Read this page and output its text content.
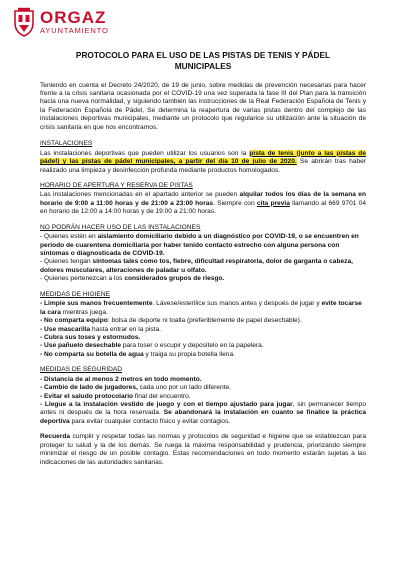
ORGAZ
AYUNTAMIENTO
PROTOCOLO PARA EL USO DE LAS PISTAS DE TENIS Y PÁDEL
MUNICIPALES

Teniendo en cuenta el Decreto 24/2020, de 19 de junio, sobre medidas de prevención necesarias para hacer frente a la crisis sanitaria ocasionada por el COVID-19 una vez superada la fase III del Plan para la transición hacia una nueva normalidad, y siguiendo también las instrucciones de la Real Federación Española de Tenis y la Federación Española de Pádel, Se determina la reapertura de varias pistas dentro del complejo de las instalaciones deportivas municipales, mediante un protocolo que regularice su utilización ante la situación de crisis sanitaria en que nos encontramos.

INSTALACIONES

Las instalaciones deportivas que pueden utilizar los usuarios son la pista de tenis (junto a las pistas de pádel) y las pistas de pádel municipales, a partir del día 10 de julio de 2020. Se abrirán tras haber realizado una limpieza y desinfección profunda mediante productos homologados.

HORARIO DE APERTURA Y RESERVA DE PISTAS

Las instalaciones mencionadas en el apartado anterior se pueden alquilar todos los días de la semana en horario de 9:00 a 11:00 horas y de 21:00 a 23:00 horas. Siempre con cita previa llamando al 669 9701 04 en horario de 12:00 a 14:00 horas y de 19:00 a 21:00 horas.

NO PODRÁN HACER USO DE LAS INSTALACIONES

- Quienes estén en aislamiento domiciliario debido a un diagnóstico por COVID-19, o se encuentren en periodo de cuarentena domiciliaria por haber tenido contacto estrecho con alguna persona con síntomas o diagnosticada de COVID-19.

- Quienes tengan síntomas tales como tos, fiebre, dificultad respiratoria, dolor de garganta o cabeza, dolores musculares, alteraciones de paladar u olfato.

- Quienes pertenezcan a los considerados grupos de riesgo.

MEDIDAS DE HIGIENE

- Limpie sus manos frecuentemente. Lávese/esterilice sus manos antes y después de jugar y evite tocarse la cara mientras juega.

- No comparta equipo: bolsa de deporte ni toalla (preferiblemente de papel desechable).

- Use mascarilla hasta entrar en la pista.

- Cubra sus toses y estornudos.

- Use pañuelo desechable para toser o escupir y depositelo en la papelera.

- No comparta su botella de agua y traiga su propia botella llena.

MEDIDAS DE SEGURIDAD

- Distancia de al menos 2 metros en todo momento.

- Cambio de lado de jugadores, cada uno por un lado diferente.

- Evitar el saludo protocolario final del encuentro.

- Llegue a la instalación vestido de juego y con el tiempo ajustado para jugar, sin permanecer tiempo antes ni después de la hora reservada. Se abandonará la instalación en cuanto se finalice la práctica deportiva para evitar cualquier contacto físico y evitar contagios.

Recuerda cumplir y respetar todas las normas y protocolos de seguridad e higiene que se establezcan para proteger tu salud y la de los demás. Se ruega la máxima responsabilidad y prudencia, priorizando siempre minimizar el riesgo de un posible contagio. Estas recomendaciones en todo momento estarán sujetas a las indicaciones de las autoridades sanitarias.
